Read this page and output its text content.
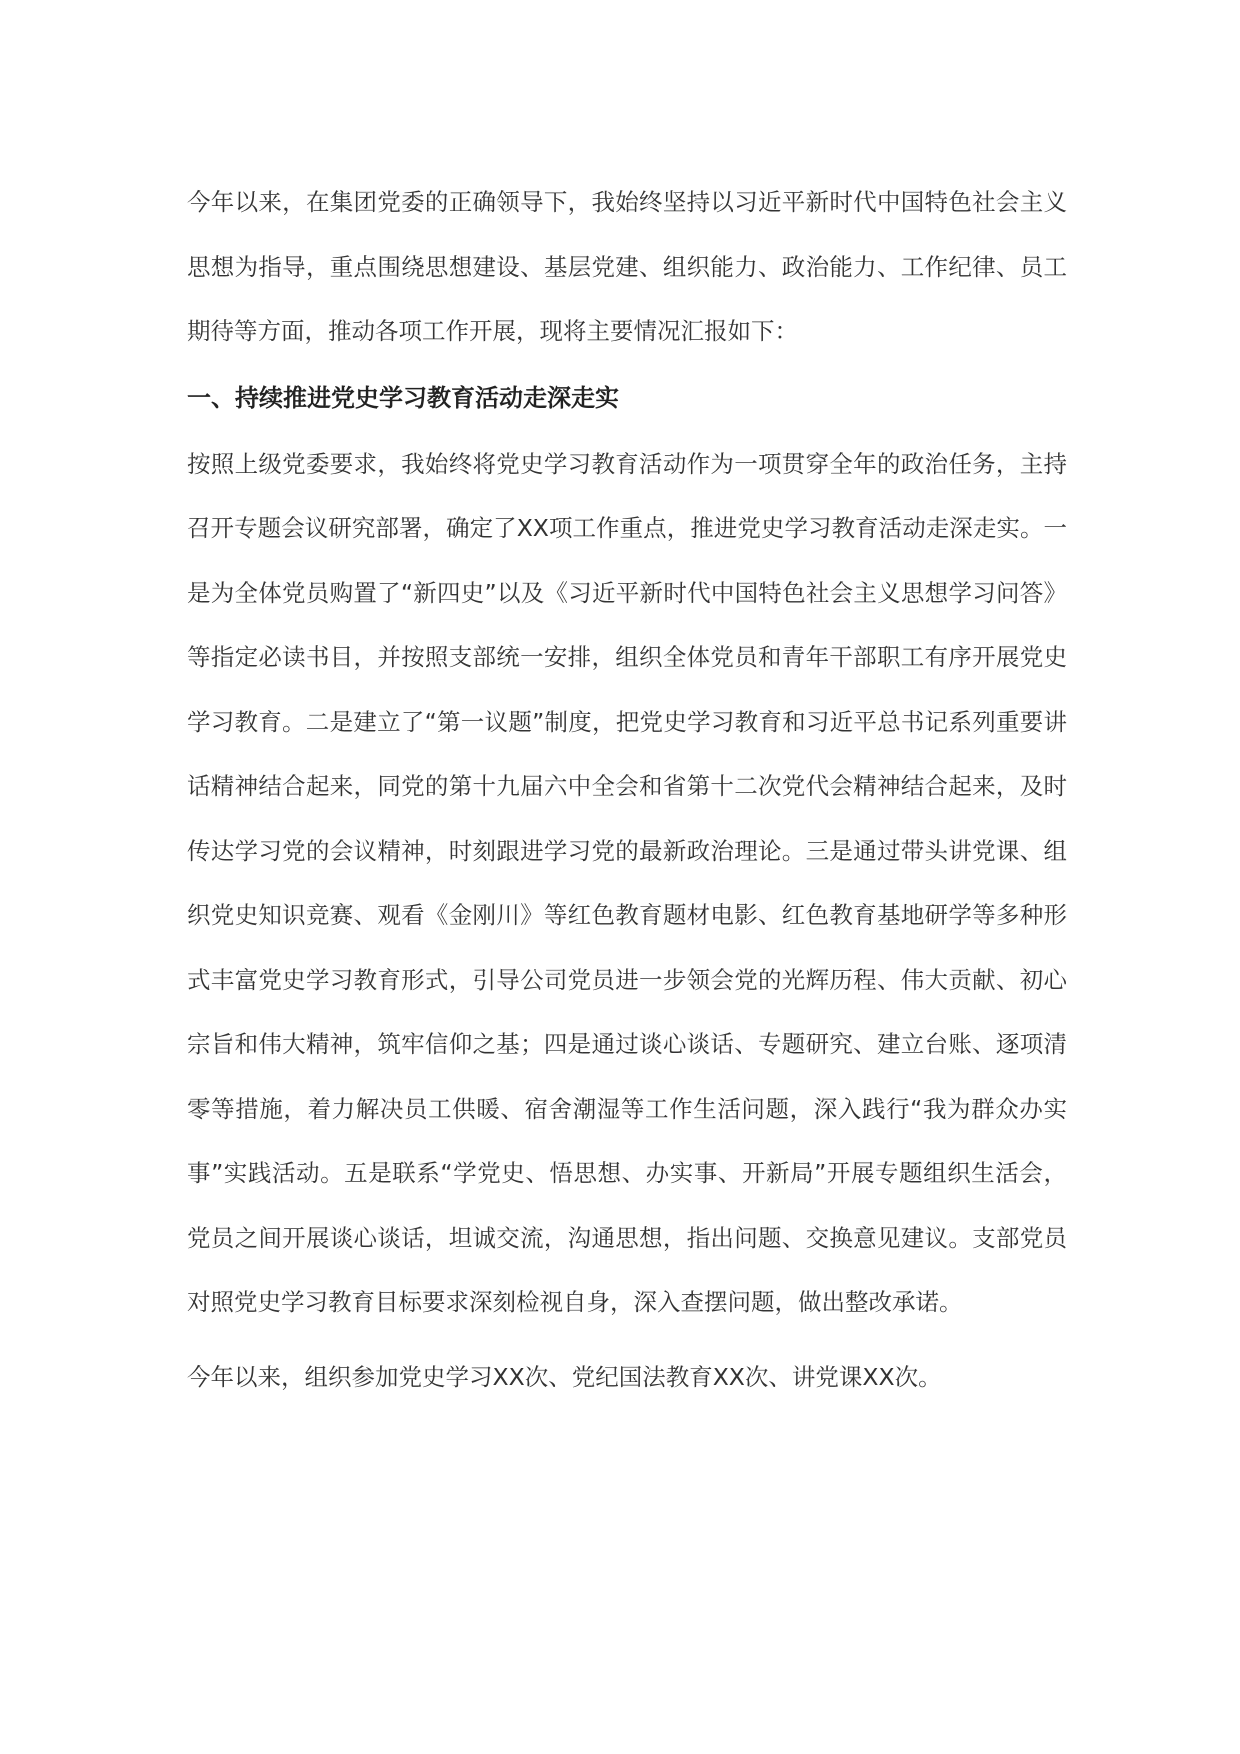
今年以来，在集团党委的正确领导下，我始终坚持以习近平新时代中国特色社会主义思想为指导，重点围绕思想建设、基层党建、组织能力、政治能力、工作纪律、员工期待等方面，推动各项工作开展，现将主要情况汇报如下：

一、持续推进党史学习教育活动走深走实

按照上级党委要求，我始终将党史学习教育活动作为一项贯穿全年的政治任务，主持召开专题会议研究部署，确定了XX项工作重点，推进党史学习教育活动走深走实。一是为全体党员购置了“新四史”以及《习近平新时代中国特色社会主义思想学习问答》等指定必读书目，并按照支部统一安排，组织全体党员和青年干部职工有序开展党史学习教育。二是建立了“第一议题”制度，把党史学习教育和习近平总书记系列重要讲话精神结合起来，同党的第十九届六中全会和省第十二次党代会精神结合起来，及时传达学习党的会议精神，时刻跟进学习党的最新政治理论。三是通过带头讲党课、组织党史知识竞赛、观看《金刚川》等红色教育题材电影、红色教育基地研学等多种形式丰富党史学习教育形式，引导公司党员进一步领会党的光辉历程、伟大贡献、初心宗旨和伟大精神，筑牢信仰之基；四是通过谈心谈话、专题研究、建立台账、逐项清零等措施，着力解决员工供暖、宿舍潮湿等工作生活问题，深入践行“我为群众办实事”实践活动。五是联系“学党史、悟思想、办实事、开新局”开展专题组织生活会，党员之间开展谈心谈话，坦诚交流，沟通思想，指出问题、交换意见建议。支部党员对照党史学习教育目标要求深刻检视自身，深入查摆问题，做出整改承诺。

今年以来，组织参加党史学习XX次、党纪国法教育XX次、讲党课XX次。
